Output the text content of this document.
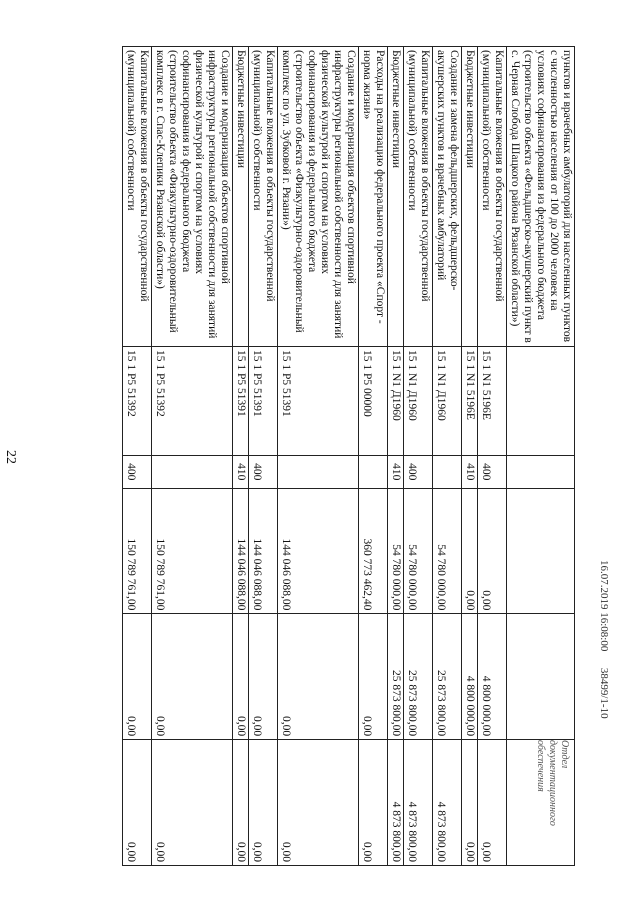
22
пунктов и врачебных амбулаторий для населенных пунктов с численностью населения от 100 до 2000 человек на условиях софинансирования из федерального бюджета (строительство объекта «Фельдшерско-акушерский пункт в с. Черная Слобода Шацкого района Рязанской области»)					
Капитальные вложения в объекты государственной (муниципальной) собственности	15 1 N1 5196E	400	0,00	4 800 000,00	0,00
Бюджетные инвестиции	15 1 N1 5196E	410	0,00	4 800 000,00	0,00
Создание и замена фельдшерских, фельдшерско-акушерских пунктов и врачебных амбулаторий	15 1 N1 Д1960		54 780 000,00	25 873 800,00	4 873 800,00
Капитальные вложения в объекты государственной (муниципальной) собственности	15 1 N1 Д1960	400	54 780 000,00	25 873 800,00	4 873 800,00
Бюджетные инвестиции	15 1 N1 Д1960	410	54 780 000,00	25 873 800,00	4 873 800,00
Расходы на реализацию федерального проекта «Спорт - норма жизни»	15 1 P5 00000		360 773 462,40	0,00	0,00
Создание и модернизация объектов спортивной инфраструктуры региональной собственности для занятий физической культурой и спортом на условиях софинансирования из федерального бюджета (строительство объекта «Физкультурно-оздоровительный комплекс по ул. Зубковой г. Рязани»)	15 1 P5 51391		144 046 088,00	0,00	0,00
Капитальные вложения в объекты государственной (муниципальной) собственности	15 1 P5 51391	400	144 046 088,00	0,00	0,00
Бюджетные инвестиции	15 1 P5 51391	410	144 046 088,00	0,00	0,00
Создание и модернизация объектов спортивной инфраструктуры региональной собственности для занятий физической культурой и спортом на условиях софинансирования из федерального бюджета (строительство объекта «Физкультурно-оздоровительный комплекс в г. Спас-Клепики Рязанской области»)	15 1 P5 51392		150 789 761,00	0,00	0,00
Капитальные вложения в объекты государственной (муниципальной) собственности	15 1 P5 51392	400	150 789 761,00	0,00	0,00
Отдел документационного
обеспечения
16.07.2019 16:08:00      38499/1-10
